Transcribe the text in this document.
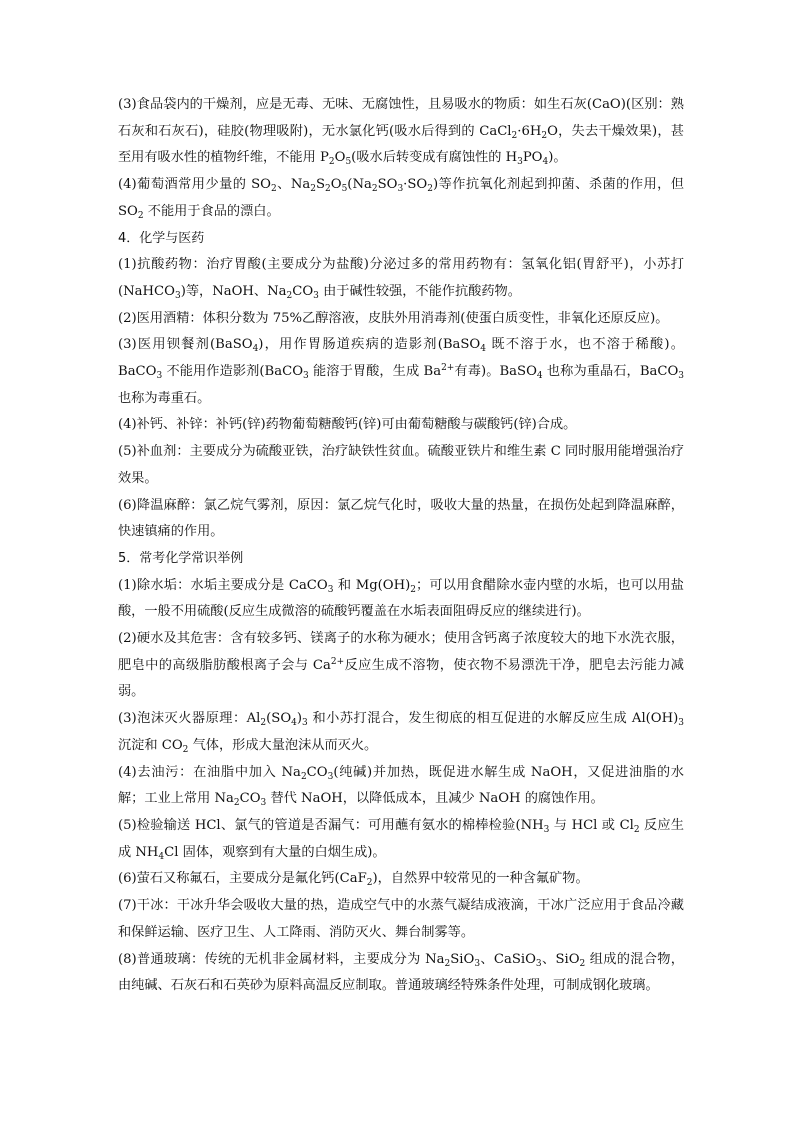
(3)食品袋内的干燥剂，应是无毒、无味、无腐蚀性，且易吸水的物质：如生石灰(CaO)(区别：熟石灰和石灰石)，硅胶(物理吸附)，无水氯化钙(吸水后得到的 $CaCl_2\cdot 6H_2O$，失去干燥效果)，甚至用有吸水性的植物纤维，不能用 $P_2O_5$(吸水后转变成有腐蚀性的 $H_3PO_4$)。

(4)葡萄酒常用少量的 $SO_2$、$Na_2S_2O_5(Na_2SO_3\cdot SO_2)$等作抗氧化剂起到抑菌、杀菌的作用，但 $SO_2$ 不能用于食品的漂白。

4．化学与医药

(1)抗酸药物：治疗胃酸(主要成分为盐酸)分泌过多的常用药物有：氢氧化铝(胃舒平)，小苏打(NaHCO$_3$)等，NaOH、$Na_2CO_3$ 由于碱性较强，不能作抗酸药物。

(2)医用酒精：体积分数为 75%乙醇溶液，皮肤外用消毒剂(使蛋白质变性，非氧化还原反应)。

(3)医用钡餐剂(BaSO$_4$)，用作胃肠道疾病的造影剂(BaSO$_4$ 既不溶于水，也不溶于稀酸)。BaCO$_3$ 不能用作造影剂(BaCO$_3$ 能溶于胃酸，生成 $Ba^{2+}$有毒)。BaSO$_4$ 也称为重晶石，BaCO$_3$ 也称为毒重石。

(4)补钙、补锌：补钙(锌)药物葡萄糖酸钙(锌)可由葡萄糖酸与碳酸钙(锌)合成。

(5)补血剂：主要成分为硫酸亚铁，治疗缺铁性贫血。硫酸亚铁片和维生素 C 同时服用能增强治疗效果。

(6)降温麻醉：氯乙烷气雾剂，原因：氯乙烷气化时，吸收大量的热量，在损伤处起到降温麻醉，快速镇痛的作用。

5．常考化学常识举例

(1)除水垢：水垢主要成分是 CaCO$_3$ 和 $Mg(OH)_2$；可以用食醋除水壶内壁的水垢，也可以用盐酸，一般不用硫酸(反应生成微溶的硫酸钙覆盖在水垢表面阻碍反应的继续进行)。

(2)硬水及其危害：含有较多钙、镁离子的水称为硬水；使用含钙离子浓度较大的地下水洗衣服，肥皂中的高级脂肪酸根离子会与 $Ca^{2+}$反应生成不溶物，使衣物不易漂洗干净，肥皂去污能力减弱。

(3)泡沫灭火器原理：$Al_2(SO_4)_3$ 和小苏打混合，发生彻底的相互促进的水解反应生成 $Al(OH)_3$ 沉淀和 $CO_2$ 气体，形成大量泡沫从而灭火。

(4)去油污：在油脂中加入 $Na_2CO_3$(纯碱)并加热，既促进水解生成 NaOH，又促进油脂的水解；工业上常用 $Na_2CO_3$ 替代 NaOH，以降低成本，且减少 NaOH 的腐蚀作用。

(5)检验输送 HCl、氯气的管道是否漏气：可用蘸有氨水的棉棒检验($NH_3$ 与 HCl 或 $Cl_2$ 反应生成 $NH_4Cl$ 固体，观察到有大量的白烟生成)。

(6)萤石又称氟石，主要成分是氟化钙(CaF$_2$)，自然界中较常见的一种含氟矿物。

(7)干冰：干冰升华会吸收大量的热，造成空气中的水蒸气凝结成液滴，干冰广泛应用于食品冷藏和保鲜运输、医疗卫生、人工降雨、消防灭火、舞台制雾等。

(8)普通玻璃：传统的无机非金属材料，主要成分为 $Na_2SiO_3$、CaSiO$_3$、SiO$_2$ 组成的混合物，由纯碱、石灰石和石英砂为原料高温反应制取。普通玻璃经特殊条件处理，可制成钢化玻璃。
